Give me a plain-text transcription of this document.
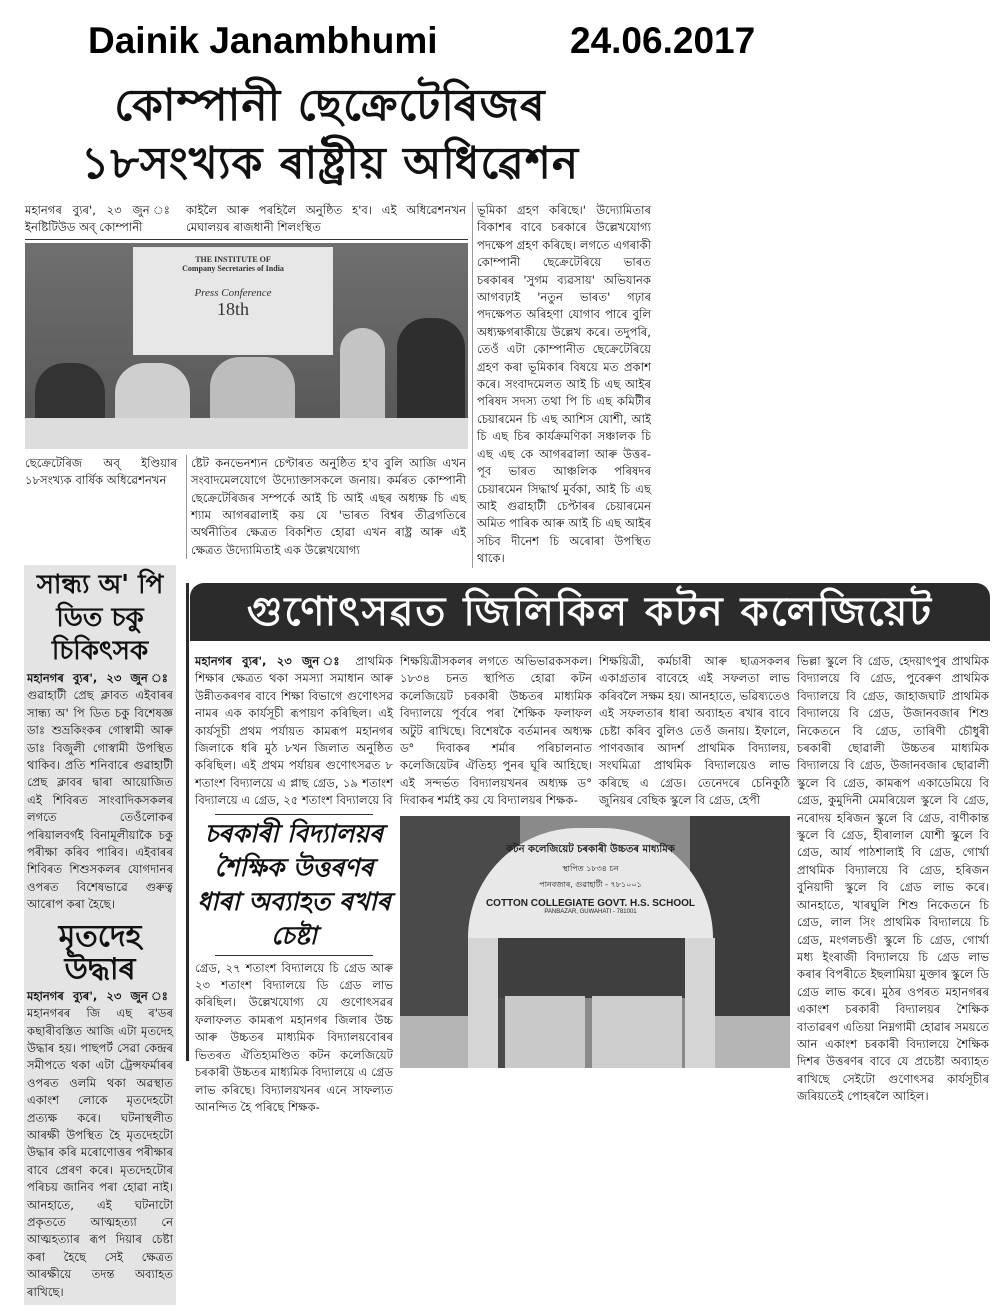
Dainik Janambhumi	24.06.2017
কোম্পানী ছেক্ৰেটেৰিজৰ
১৮সংখ্যক ৰাষ্ট্ৰীয় অধিৱেশন
মহানগৰ ব্যুৰ', ২৩ জুন ঃ ইনষ্টিটিউড অব্ কোম্পানী
কাইলৈ আৰু পৰহিলৈ অনুষ্ঠিত হ'ব। এই অধিৱেশনখন মেঘালয়ৰ ৰাজধানী শিলংস্থিত
THE INSTITUTE OF
Company Secretaries of India
Press Conference
18th
ছেক্ৰেটেৰিজ অব্ ইণ্ডিয়াৰ ১৮সংখ্যক বাৰ্ষিক অধিৱেশনখন
ষ্টেট কনভেনশ্যন চেণ্টাৰত অনুষ্ঠিত হ'ব বুলি আজি এখন সংবাদমেলযোগে উদ্যোক্তাসকলে জনায়। কৰ্মৰত কোম্পানী ছেক্ৰেটেৰিজৰ সম্পৰ্কে আই চি আই এছৰ অধ্যক্ষ চি এছ শ্যাম আগৰৱালাই কয় যে 'ভাৰত বিশ্বৰ তীব্ৰগতিৰে অৰ্থনীতিৰ ক্ষেত্ৰত বিকশিত হোৱা এখন ৰাষ্ট্ৰ আৰু এই ক্ষেত্ৰত উদ্যোমিতাই এক উল্লেখযোগ্য
ভূমিকা গ্ৰহণ কৰিছে।' উদ্যোমিতাৰ বিকাশৰ বাবে চৰকাৰে উল্লেখযোগ্য পদক্ষেপ গ্ৰহণ কৰিছে। লগতে এগৰাকী কোম্পানী ছেক্ৰেটেৰিয়ে ভাৰত চৰকাৰৰ 'সুগম ব্যৱসায়' অভিযানক আগবঢ়াই 'নতুন ভাৰত' গঢ়াৰ পদক্ষেপত অৰিহণা যোগাব পাৰে বুলি অধ্যক্ষগৰাকীয়ে উল্লেখ কৰে। তদুপৰি, তেওঁ এটা কোম্পানীত ছেক্ৰেটেৰিয়ে গ্ৰহণ কৰা ভূমিকাৰ বিষয়ে মত প্ৰকাশ কৰে। সংবাদমেলত আই চি এছ আইৰ পৰিষদ সদস্য তথা পি চি এছ কমিটীৰ চেয়াৰমেন চি এছ আশিস যোশী, আই চি এছ চিৰ কাৰ্যক্ৰমণিকা সঞ্চালক চি এছ এছ কে আগৰৱালা আৰু উত্তৰ-পূব ভাৰত আঞ্চলিক পৰিষদৰ চেয়াৰমেন সিদ্ধাৰ্থ মুৰ্বকা, আই চি এছ আই গুৱাহাটী চেপ্টাৰৰ চেয়াৰমেন অমিত পাৰিক আৰু আই চি এছ আইৰ সচিব দীনেশ চি অৰোৰা উপস্থিত থাকে।
সান্ধ্য অ' পি ডিত চকু চিকিৎসক
মহানগৰ ব্যুৰ', ২৩ জুন ঃ গুৱাহাটী প্ৰেছ ক্লাবত এইবাৰৰ সান্ধ্য অ' পি ডিত চকু বিশেষজ্ঞ ডাঃ শুভ্ৰকিংকৰ গোস্বামী আৰু ডাঃ বিজুলী গোস্বামী উপস্থিত থাকিব। প্ৰতি শনিবাৰে গুৱাহাটী প্ৰেছ ক্লাবৰ দ্বাৰা আয়োজিত এই শিবিৰত সাংবাদিকসকলৰ লগতে তেওঁলোকৰ পৰিয়ালবৰ্গই বিনামূলীয়াকৈ চকু পৰীক্ষা কৰিব পাৰিব। এইবাৰৰ শিবিৰত শিশুসকলৰ যোগদানৰ ওপৰত বিশেষভাৱে গুৰুত্ব আৰোপ কৰা হৈছে।
মৃতদেহ উদ্ধাৰ
মহানগৰ ব্যুৰ', ২৩ জুন ঃ মহানগৰৰ জি এছ ৰ'ডৰ কছাৰীবস্তিত আজি এটা মৃতদেহ উদ্ধাৰ হয়। পাছপৰ্ট সেৱা কেন্দ্ৰৰ সমীপতে থকা এটা ট্ৰেন্সফৰ্মাৰৰ ওপৰত ওলমি থকা অৱস্থাত একাংশ লোকে মৃতদেহটো প্ৰত্যক্ষ কৰে। ঘটনাস্থলীত আৰক্ষী উপস্থিত হৈ মৃতদেহটো উদ্ধাৰ কৰি মৰোণোত্তৰ পৰীক্ষাৰ বাবে প্ৰেৰণ কৰে। মৃতদেহটোৰ পৰিচয় জানিব পৰা হোৱা নাই। আনহাতে, এই ঘটনাটো প্ৰকৃততে আত্মহত্যা নে আত্মহত্যাৰ ৰূপ দিয়াৰ চেষ্টা কৰা হৈছে সেই ক্ষেত্ৰত আৰক্ষীয়ে তদন্ত অব্যাহত ৰাখিছে।
গুণোৎসৱত জিলিকিল কটন কলেজিয়েট
মহানগৰ ব্যুৰ', ২৩ জুন ঃ প্ৰাথমিক শিক্ষাৰ ক্ষেত্ৰত থকা সমস্যা সমাধান আৰু উন্নীতকৰণৰ বাবে শিক্ষা বিভাগে গুণোৎসৱ নামৰ এক কাৰ্যসূচী ৰূপায়ণ কৰিছিল। এই কাৰ্যসূচী প্ৰথম পৰ্যায়ত কামৰূপ মহানগৰ জিলাকে ধৰি মুঠ ৮খন জিলাত অনুষ্ঠিত কৰিছিল। এই প্ৰথম পৰ্যায়ৰ গুণোৎসৱত ৮ শতাংশ বিদ্যালয়ে এ প্লাছ গ্ৰেড, ১৯ শতাংশ বিদ্যালয়ে এ গ্ৰেড, ২৫ শতাংশ বিদ্যালয়ে বি
চৰকাৰী বিদ্যালয়ৰ শৈক্ষিক উত্তৰণৰ ধাৰা অব্যাহত ৰখাৰ চেষ্টা
গ্ৰেড, ২৭ শতাংশ বিদ্যালয়ে চি গ্ৰেড আৰু ২৩ শতাংশ বিদ্যালয়ে ডি গ্ৰেড লাভ কৰিছিল। উল্লেখযোগ্য যে গুণোৎসৱৰ ফলাফলত কামৰূপ মহানগৰ জিলাৰ উচ্চ আৰু উচ্চতৰ মাধ্যমিক বিদ্যালয়বোৰৰ ভিতৰত ঐতিহ্যমণ্ডিত কটন কলেজিয়েট চৰকাৰী উচ্চতৰ মাধ্যমিক বিদ্যালয়ে এ গ্ৰেড লাভ কৰিছে। বিদ্যালয়খনৰ এনে সাফল্যত আনন্দিত হৈ পৰিছে শিক্ষক-
শিক্ষয়িত্ৰীসকলৰ লগতে অভিভাৱকসকল। ১৮৩৪ চনত স্থাপিত হোৱা কটন কলেজিয়েট চৰকাৰী উচ্চতৰ মাধ্যমিক বিদ্যালয়ে পূৰ্বৰে পৰা শৈক্ষিক ফলাফল অটুট ৰাখিছে। বিশেষকৈ বৰ্তমানৰ অধ্যক্ষ ড° দিবাকৰ শৰ্মাৰ পৰিচালনাত কলেজিয়েটৰ ঐতিহ্য পুনৰ ঘূৰি আহিছে। এই সন্দৰ্ভত বিদ্যালয়খনৰ অধ্যক্ষ ড° দিবাকৰ শৰ্মাই কয় যে বিদ্যালয়ৰ শিক্ষক-
শিক্ষয়িত্ৰী, কৰ্মচাৰী আৰু ছাত্ৰসকলৰ একাগ্ৰতাৰ বাবেহে এই সফলতা লাভ কৰিবলৈ সক্ষম হয়। আনহাতে, ভৱিষ্যতেও এই সফলতাৰ ধাৰা অব্যাহত ৰখাৰ বাবে চেষ্টা কৰিব বুলিও তেওঁ জনায়। ইফালে, পাণবজাৰ আদৰ্শ প্ৰাথমিক বিদ্যালয়, সংঘমিত্ৰা প্ৰাথমিক বিদ্যালয়েও লাভ কৰিছে এ গ্ৰেড। তেনেদৰে চেনিকুঠি জুনিয়ৰ বেছিক স্কুলে বি গ্ৰেড, হেপী
কটন কলেজিয়েট চৰকাৰী উচ্চতৰ মাধ্যমিক
স্থাপিত ১৮৩৪ চন
পানবজাৰ, গুৱাহাটী - ৭৮১০০১
COTTON COLLEGIATE GOVT. H.S. SCHOOL
PANBAZAR, GUWAHATI - 781001
ভিল্লা স্কুলে বি গ্ৰেড, হেদয়াৎপুৰ প্ৰাথমিক বিদ্যালয়ে বি গ্ৰেড, পুবেৰুণ প্ৰাথমিক বিদ্যালয়ে বি গ্ৰেড, জাহাজঘাট প্ৰাথমিক বিদ্যালয়ে বি গ্ৰেড, উজানবজাৰ শিশু নিকেতনে বি গ্ৰেড, তাৰিণী চৌধুৰী চৰকাৰী ছোৱালী উচ্চতৰ মাধ্যমিক বিদ্যালয়ে বি গ্ৰেড, উজানবজাৰ ছোৱালী স্কুলে বি গ্ৰেড, কামৰূপ একাডেমিয়ে বি গ্ৰেড, কুমুদিনী মেমৰিয়েল স্কুলে বি গ্ৰেড, নৰোদয় হৰিজন স্কুলে বি গ্ৰেড, বাণীকান্ত স্কুলে বি গ্ৰেড, হীৰালাল যোশী স্কুলে বি গ্ৰেড, আৰ্য পাঠশালাই বি গ্ৰেড, গোৰ্খা প্ৰাথমিক বিদ্যালয়ে বি গ্ৰেড, হৰিজন বুনিয়াদী স্কুলে বি গ্ৰেড লাভ কৰে। আনহাতে, খাৰঘুলি শিশু নিকেতনে চি গ্ৰেড, লাল সিং প্ৰাথমিক বিদ্যালয়ে চি গ্ৰেড, মংগলচণ্ডী স্কুলে চি গ্ৰেড, গোৰ্খা মধ্য ইংৰাজী বিদ্যালয়ে চি গ্ৰেড লাভ কৰাৰ বিপৰীতে ইছলামিয়া মুক্তাৰ স্কুলে ডি গ্ৰেড লাভ কৰে। মুঠৰ ওপৰত মহানগৰৰ একাংশ চৰকাৰী বিদ্যালয়ৰ শৈক্ষিক বাতাৱৰণ এতিয়া নিম্নগামী হোৱাৰ সময়তে আন একাংশ চৰকাৰী বিদ্যালয়ে শৈক্ষিক দিশৰ উত্তৰণৰ বাবে যে প্ৰচেষ্টা অব্যাহত ৰাখিছে সেইটো গুণোৎসৱ কাৰ্যসূচীৰ জৰিয়তেই পোহৰলৈ আহিল।
